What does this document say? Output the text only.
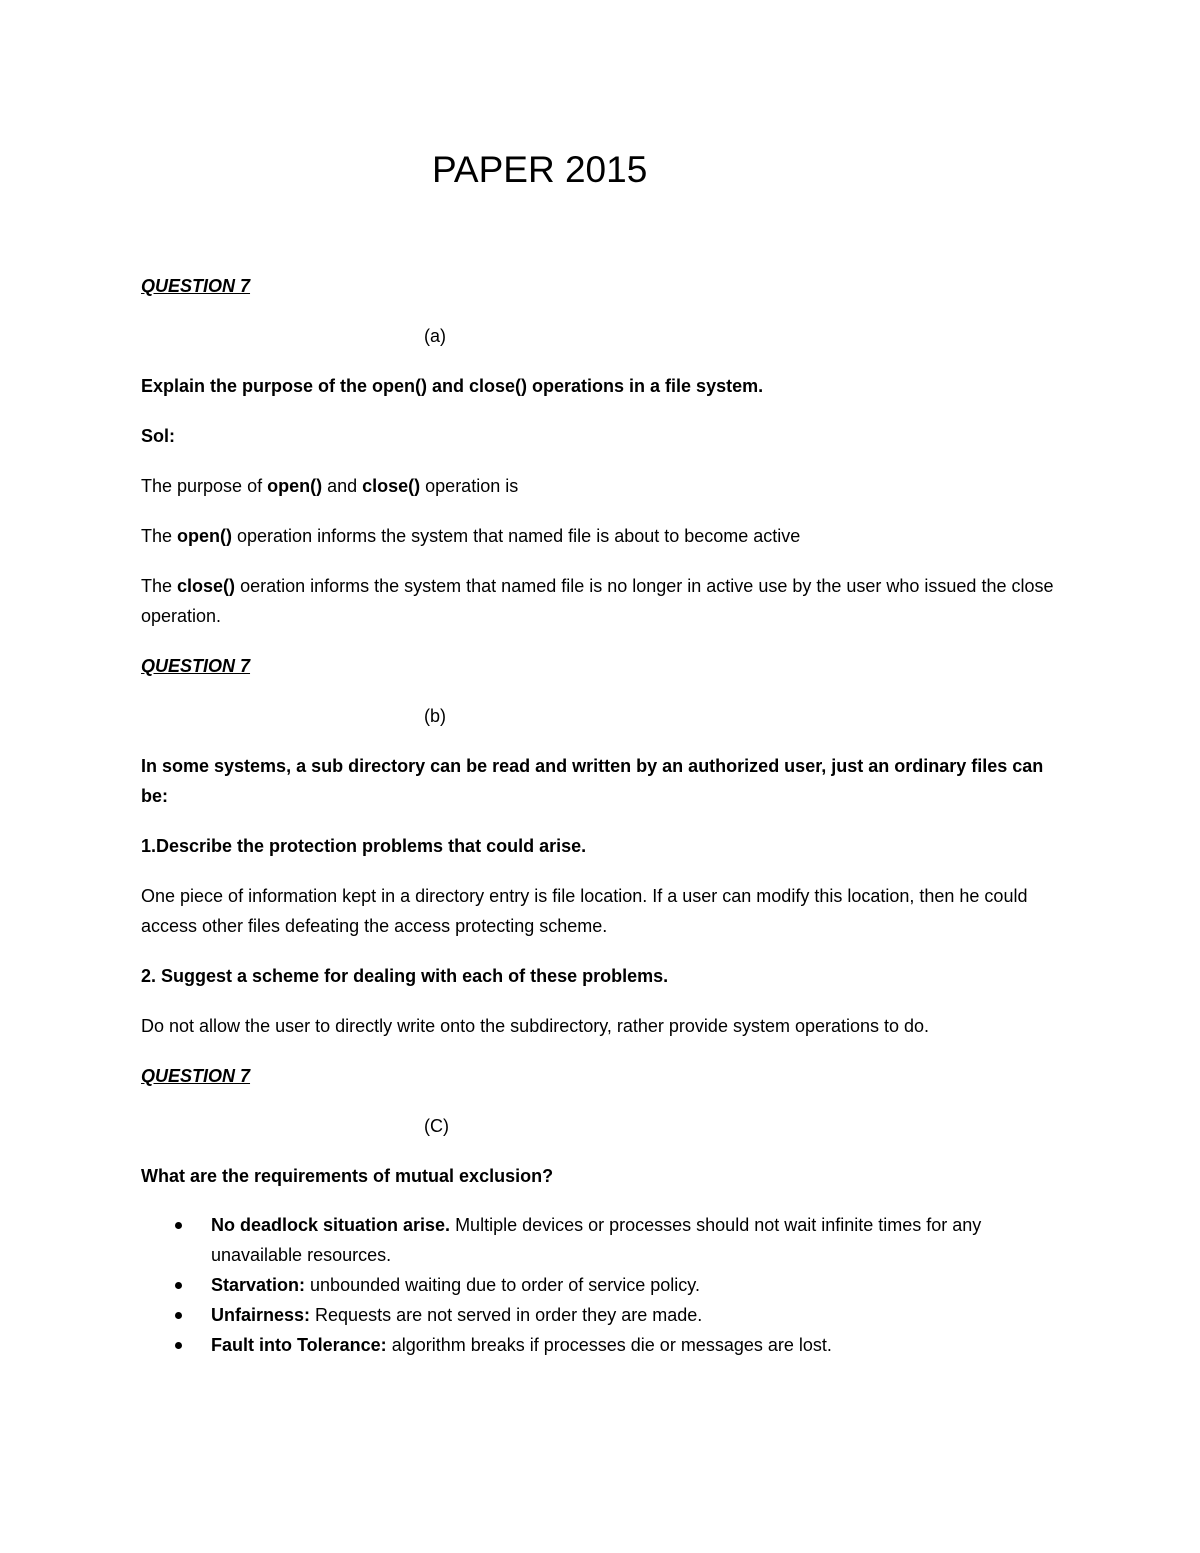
PAPER 2015
QUESTION 7
(a)
Explain the purpose of the open() and close() operations in a file system.
Sol:
The purpose of open() and close() operation is
The open() operation informs the system that named file is about to become active
The close() oeration informs the system that named file is no longer in active use by the user who issued the close operation.
QUESTION 7
(b)
In some systems, a sub directory can be read and written by an authorized user, just an ordinary files can be:
1.Describe the protection problems that could arise.
One piece of information kept in a directory entry is file location. If a user can modify this location, then he could access other files defeating the access protecting scheme.
2. Suggest a scheme for dealing with each of these problems.
Do not allow the user to directly write onto the subdirectory, rather provide system operations to do.
QUESTION 7
(C)
What are the requirements of mutual exclusion?
No deadlock situation arise. Multiple devices or processes should not wait infinite times for any unavailable resources.
Starvation: unbounded waiting due to order of service policy.
Unfairness: Requests are not served in order they are made.
Fault into Tolerance: algorithm breaks if processes die or messages are lost.
